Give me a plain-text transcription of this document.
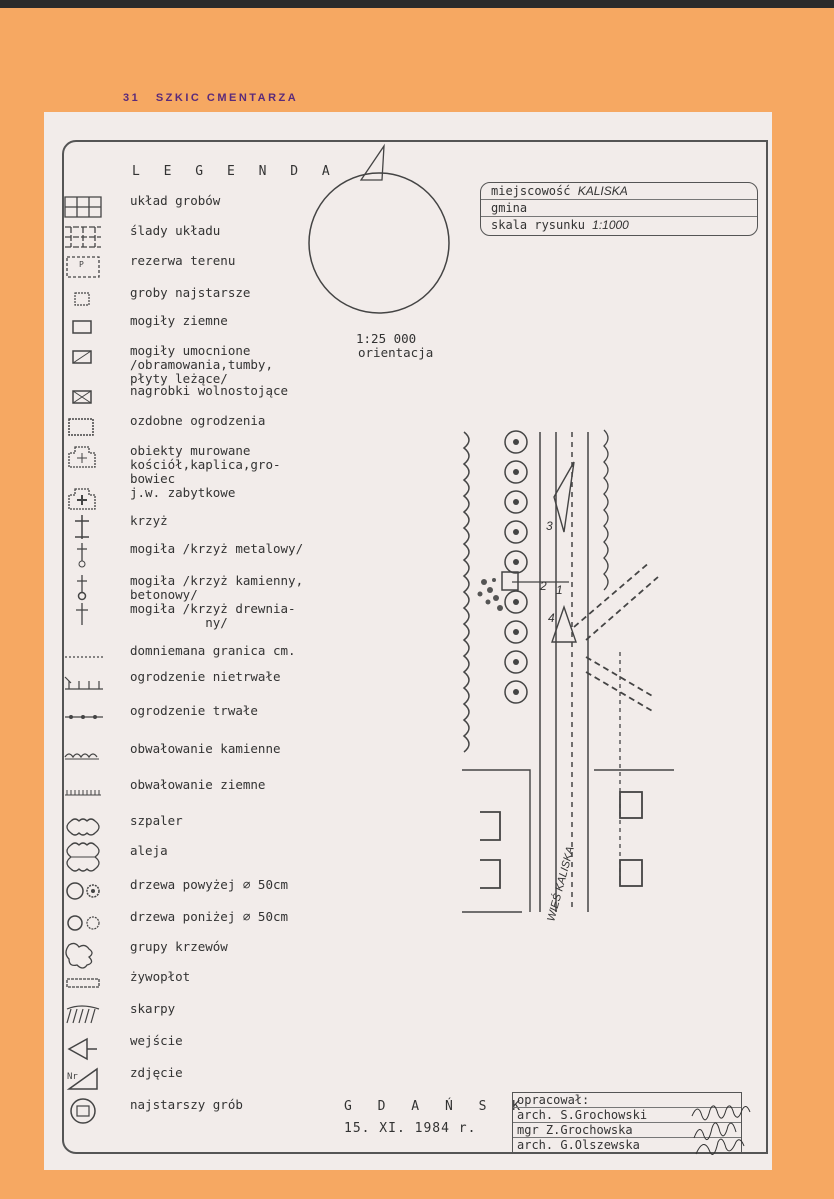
31 SZKIC CMENTARZA
L E G E N D A
układ grobów
ślady układu
P	rezerwa terenu
groby najstarsze
mogiły ziemne
mogiły umocnione
/obramowania,tumby,
płyty leżące/
nagrobki wolnostojące
ozdobne ogrodzenia
obiekty murowane
kościół,kaplica,gro-
bowiec
j.w. zabytkowe
krzyż
mogiła /krzyż metalowy/
mogiła /krzyż kamienny,
betonowy/
mogiła /krzyż drewnia-
ny/
domniemana granica cm.
ogrodzenie nietrwałe
ogrodzenie trwałe
obwałowanie kamienne
obwałowanie ziemne
szpaler
aleja
drzewa powyżej ⌀ 50cm
drzewa poniżej ⌀ 50cm
grupy krzewów
żywopłot
skarpy
wejście
Nr	zdjęcie
najstarszy grób
1:25 000
orientacja
miejscowość KALISKA
gmina
skala rysunku 1:1000
1
2
3
4
WIEŚ KALISKA
G D A Ń S K
15. XI. 1984 r.
opracował:
arch. S.Grochowski
mgr Z.Grochowska
arch. G.Olszewska
